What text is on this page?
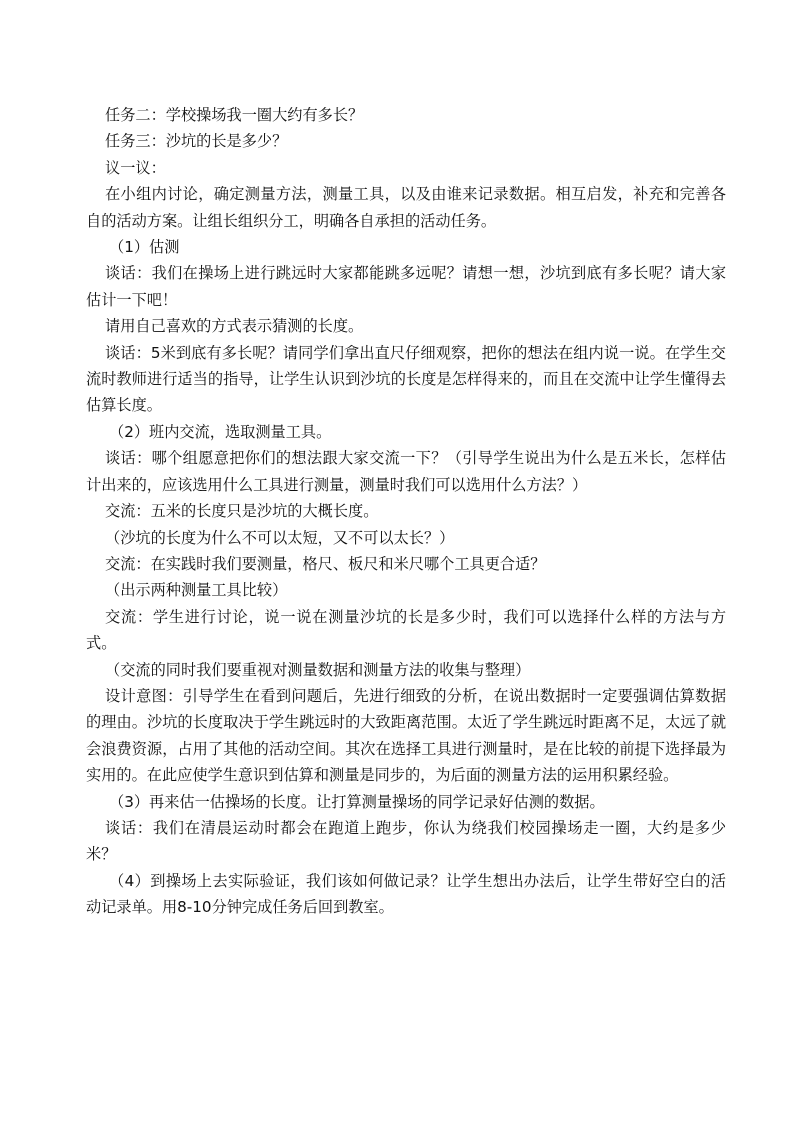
任务二：学校操场我一圈大约有多长？

任务三：沙坑的长是多少？

议一议：

在小组内讨论，确定测量方法，测量工具，以及由谁来记录数据。相互启发，补充和完善各自的活动方案。让组长组织分工，明确各自承担的活动任务。

（1）估测

谈话：我们在操场上进行跳远时大家都能跳多远呢？请想一想，沙坑到底有多长呢？请大家估计一下吧！

请用自己喜欢的方式表示猜测的长度。

谈话：5米到底有多长呢？请同学们拿出直尺仔细观察，把你的想法在组内说一说。在学生交流时教师进行适当的指导，让学生认识到沙坑的长度是怎样得来的，而且在交流中让学生懂得去估算长度。

（2）班内交流，选取测量工具。

谈话：哪个组愿意把你们的想法跟大家交流一下？（引导学生说出为什么是五米长，怎样估计出来的，应该选用什么工具进行测量，测量时我们可以选用什么方法？）

交流：五米的长度只是沙坑的大概长度。

（沙坑的长度为什么不可以太短，又不可以太长？）

交流：在实践时我们要测量，格尺、板尺和米尺哪个工具更合适？

（出示两种测量工具比较）

交流：学生进行讨论，说一说在测量沙坑的长是多少时，我们可以选择什么样的方法与方式。

（交流的同时我们要重视对测量数据和测量方法的收集与整理）

设计意图：引导学生在看到问题后，先进行细致的分析，在说出数据时一定要强调估算数据的理由。沙坑的长度取决于学生跳远时的大致距离范围。太近了学生跳远时距离不足，太远了就会浪费资源，占用了其他的活动空间。其次在选择工具进行测量时，是在比较的前提下选择最为实用的。在此应使学生意识到估算和测量是同步的，为后面的测量方法的运用积累经验。

（3）再来估一估操场的长度。让打算测量操场的同学记录好估测的数据。

谈话：我们在清晨运动时都会在跑道上跑步，你认为绕我们校园操场走一圈，大约是多少米？

（4）到操场上去实际验证，我们该如何做记录？让学生想出办法后，让学生带好空白的活动记录单。用8-10分钟完成任务后回到教室。
